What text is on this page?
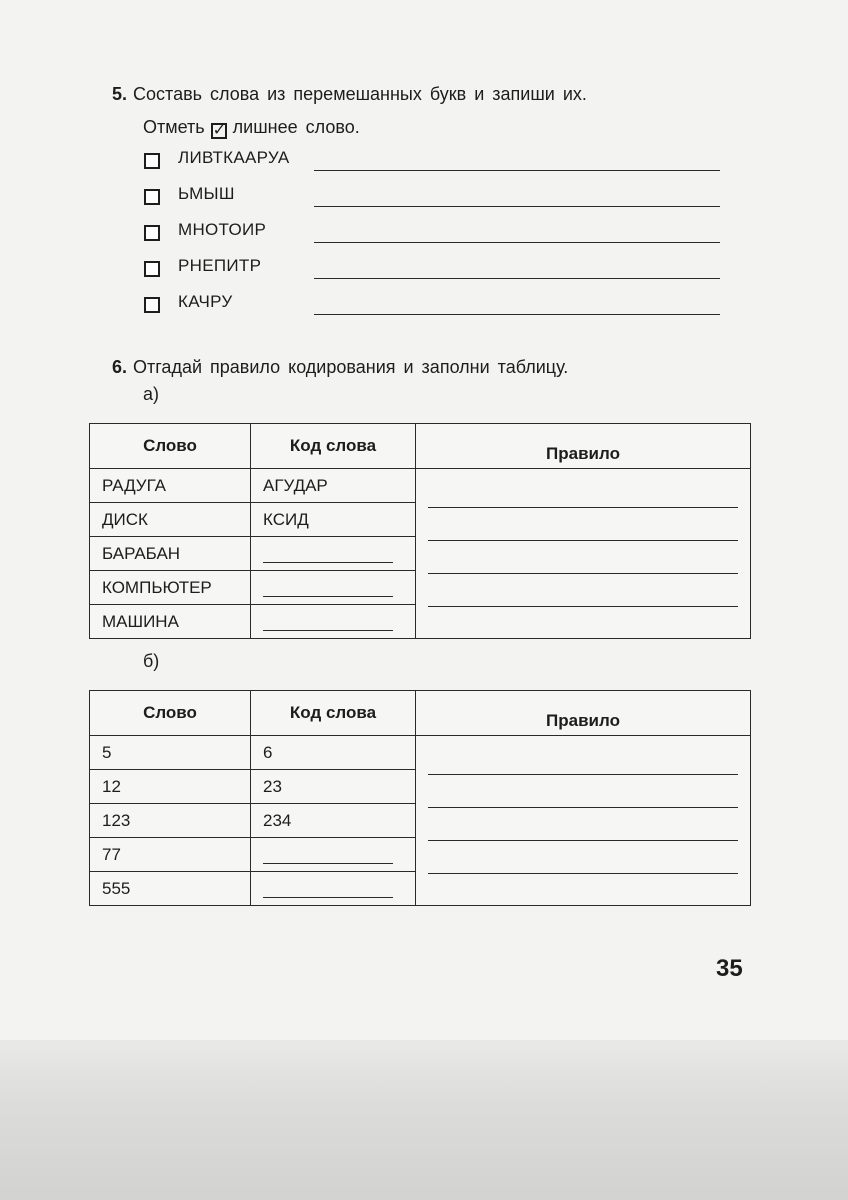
5. Составь слова из перемешанных букв и запиши их.
Отметь ✓ лишнее слово.
ЛИВТКААРУА
ЬМЫШ
МНОТОИР
РНЕПИТР
КАЧРУ
6. Отгадай правило кодирования и заполни таблицу.
а)
Слово	Код слова	Правило
РАДУГА	АГУДАР	

ДИСК	КСИД	
БАРАБАН		

КОМПЬЮТЕР		

МАШИНА		
б)
Слово	Код слова	Правило
5	6	

12	23	
123	234	
77		

555		
35
